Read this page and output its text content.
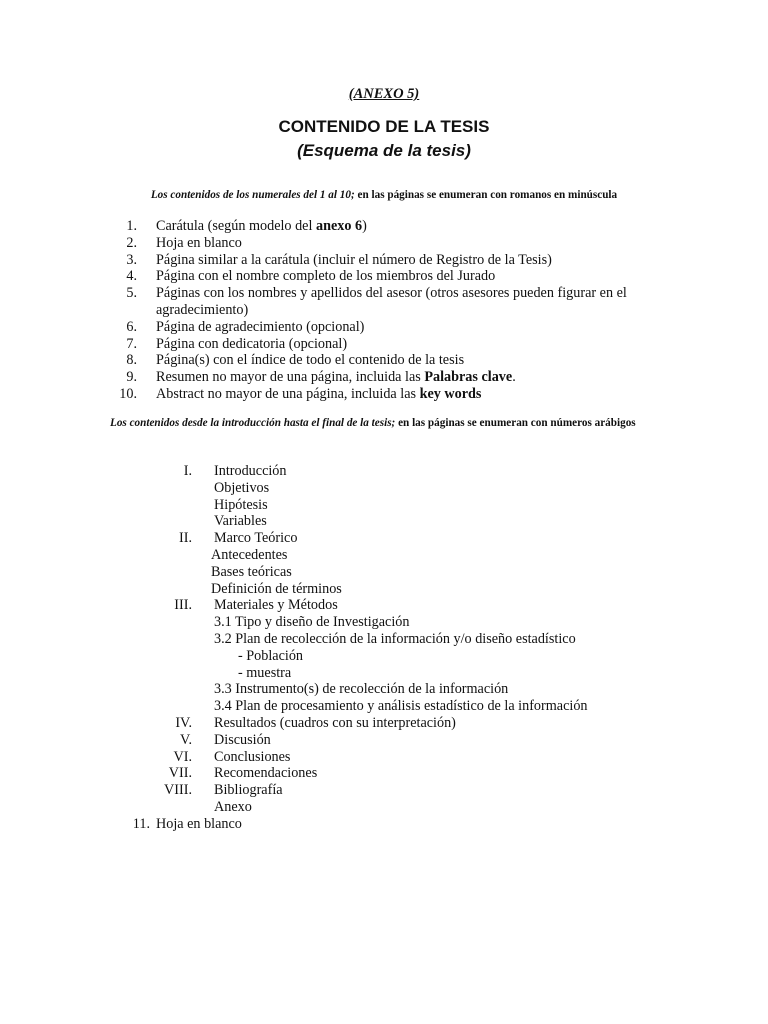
(ANEXO 5)
CONTENIDO DE LA TESIS
(Esquema de la tesis)
Los contenidos de los numerales del 1 al 10; en las páginas se enumeran con romanos en minúscula
1.	Carátula (según modelo del anexo 6)
2.	Hoja en blanco
3.	Página similar a la carátula (incluir el número de Registro de la Tesis)
4.	Página con el nombre completo de los miembros del Jurado
5.	Páginas con los nombres y apellidos del asesor (otros asesores pueden figurar en el agradecimiento)
6.	Página de agradecimiento (opcional)
7.	Página con dedicatoria (opcional)
8.	Página(s) con el índice de todo el contenido de la tesis
9.	Resumen no mayor de una página, incluida las Palabras clave.
10.	Abstract no mayor de una página, incluida las key words
Los contenidos desde la introducción hasta el final de la tesis; en las páginas se enumeran con números arábigos
I. Introducción
Objetivos
Hipótesis
Variables
II. Marco Teórico
Antecedentes
Bases teóricas
Definición de términos
III. Materiales y Métodos
3.1 Tipo y diseño de Investigación
3.2 Plan de recolección de la información y/o diseño estadístico
- Población
- muestra
3.3 Instrumento(s) de recolección de la información
3.4 Plan de procesamiento y análisis estadístico de la información
IV. Resultados (cuadros con su interpretación)
V. Discusión
VI. Conclusiones
VII. Recomendaciones
VIII. Bibliografía
Anexo
11. Hoja en blanco
